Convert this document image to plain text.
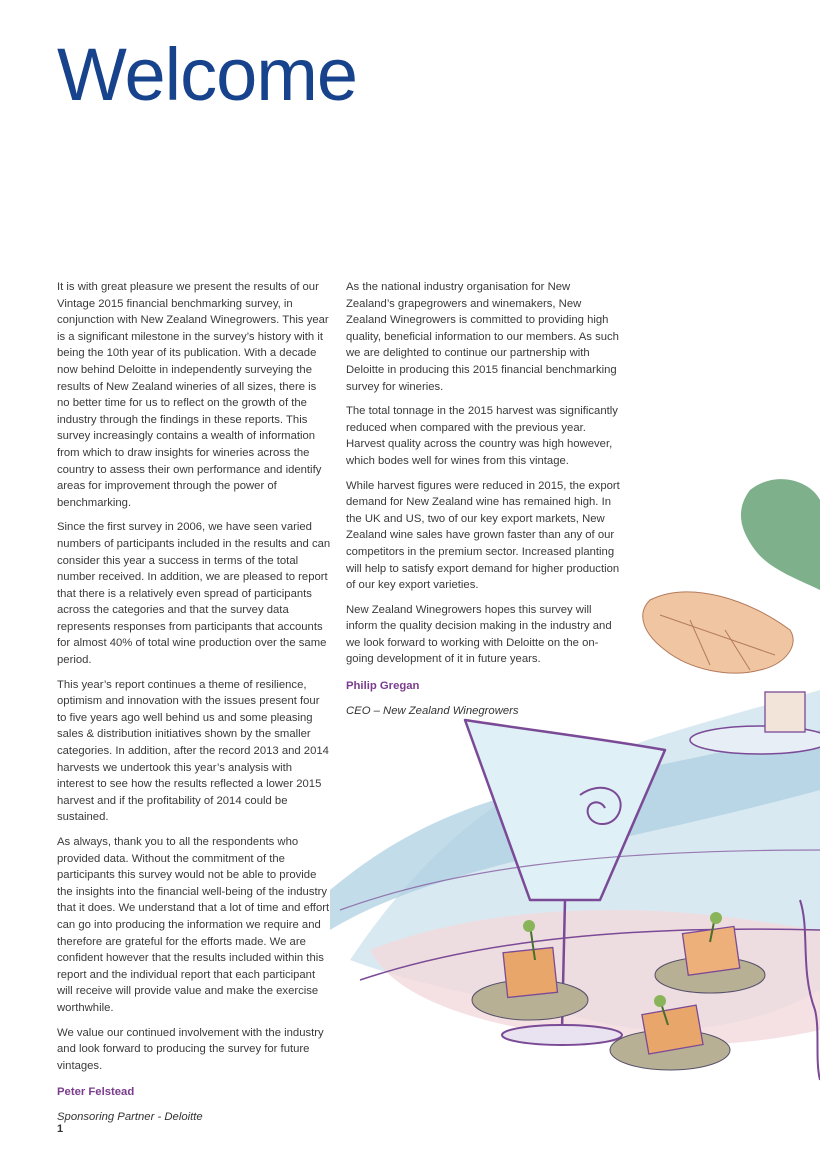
Welcome

It is with great pleasure we present the results of our Vintage 2015 financial benchmarking survey, in conjunction with New Zealand Winegrowers. This year is a significant milestone in the survey’s history with it being the 10th year of its publication. With a decade now behind Deloitte in independently surveying the results of New Zealand wineries of all sizes, there is no better time for us to reflect on the growth of the industry through the findings in these reports. This survey increasingly contains a wealth of information from which to draw insights for wineries across the country to assess their own performance and identify areas for improvement through the power of benchmarking.

Since the first survey in 2006, we have seen varied numbers of participants included in the results and can consider this year a success in terms of the total number received. In addition, we are pleased to report that there is a relatively even spread of participants across the categories and that the survey data represents responses from participants that accounts for almost 40% of total wine production over the same period.

This year’s report continues a theme of resilience, optimism and innovation with the issues present four to five years ago well behind us and some pleasing sales & distribution initiatives shown by the smaller categories. In addition, after the record 2013 and 2014 harvests we undertook this year’s analysis with interest to see how the results reflected a lower 2015 harvest and if the profitability of 2014 could be sustained.

As always, thank you to all the respondents who provided data. Without the commitment of the participants this survey would not be able to provide the insights into the financial well-being of the industry that it does. We understand that a lot of time and effort can go into producing the information we require and therefore are grateful for the efforts made. We are confident however that the results included within this report and the individual report that each participant will receive will provide value and make the exercise worthwhile.

We value our continued involvement with the industry and look forward to producing the survey for future vintages.

Peter Felstead
Sponsoring Partner - Deloitte

As the national industry organisation for New Zealand’s grapegrowers and winemakers, New Zealand Winegrowers is committed to providing high quality, beneficial information to our members. As such we are delighted to continue our partnership with Deloitte in producing this 2015 financial benchmarking survey for wineries.

The total tonnage in the 2015 harvest was significantly reduced when compared with the previous year. Harvest quality across the country was high however, which bodes well for wines from this vintage.

While harvest figures were reduced in 2015, the export demand for New Zealand wine has remained high. In the UK and US, two of our key export markets, New Zealand wine sales have grown faster than any of our competitors in the premium sector. Increased planting will help to satisfy export demand for higher production of our key export varieties.

New Zealand Winegrowers hopes this survey will inform the quality decision making in the industry and we look forward to working with Deloitte on the on-going development of it in future years.

Philip Gregan
CEO – New Zealand Winegrowers
1
